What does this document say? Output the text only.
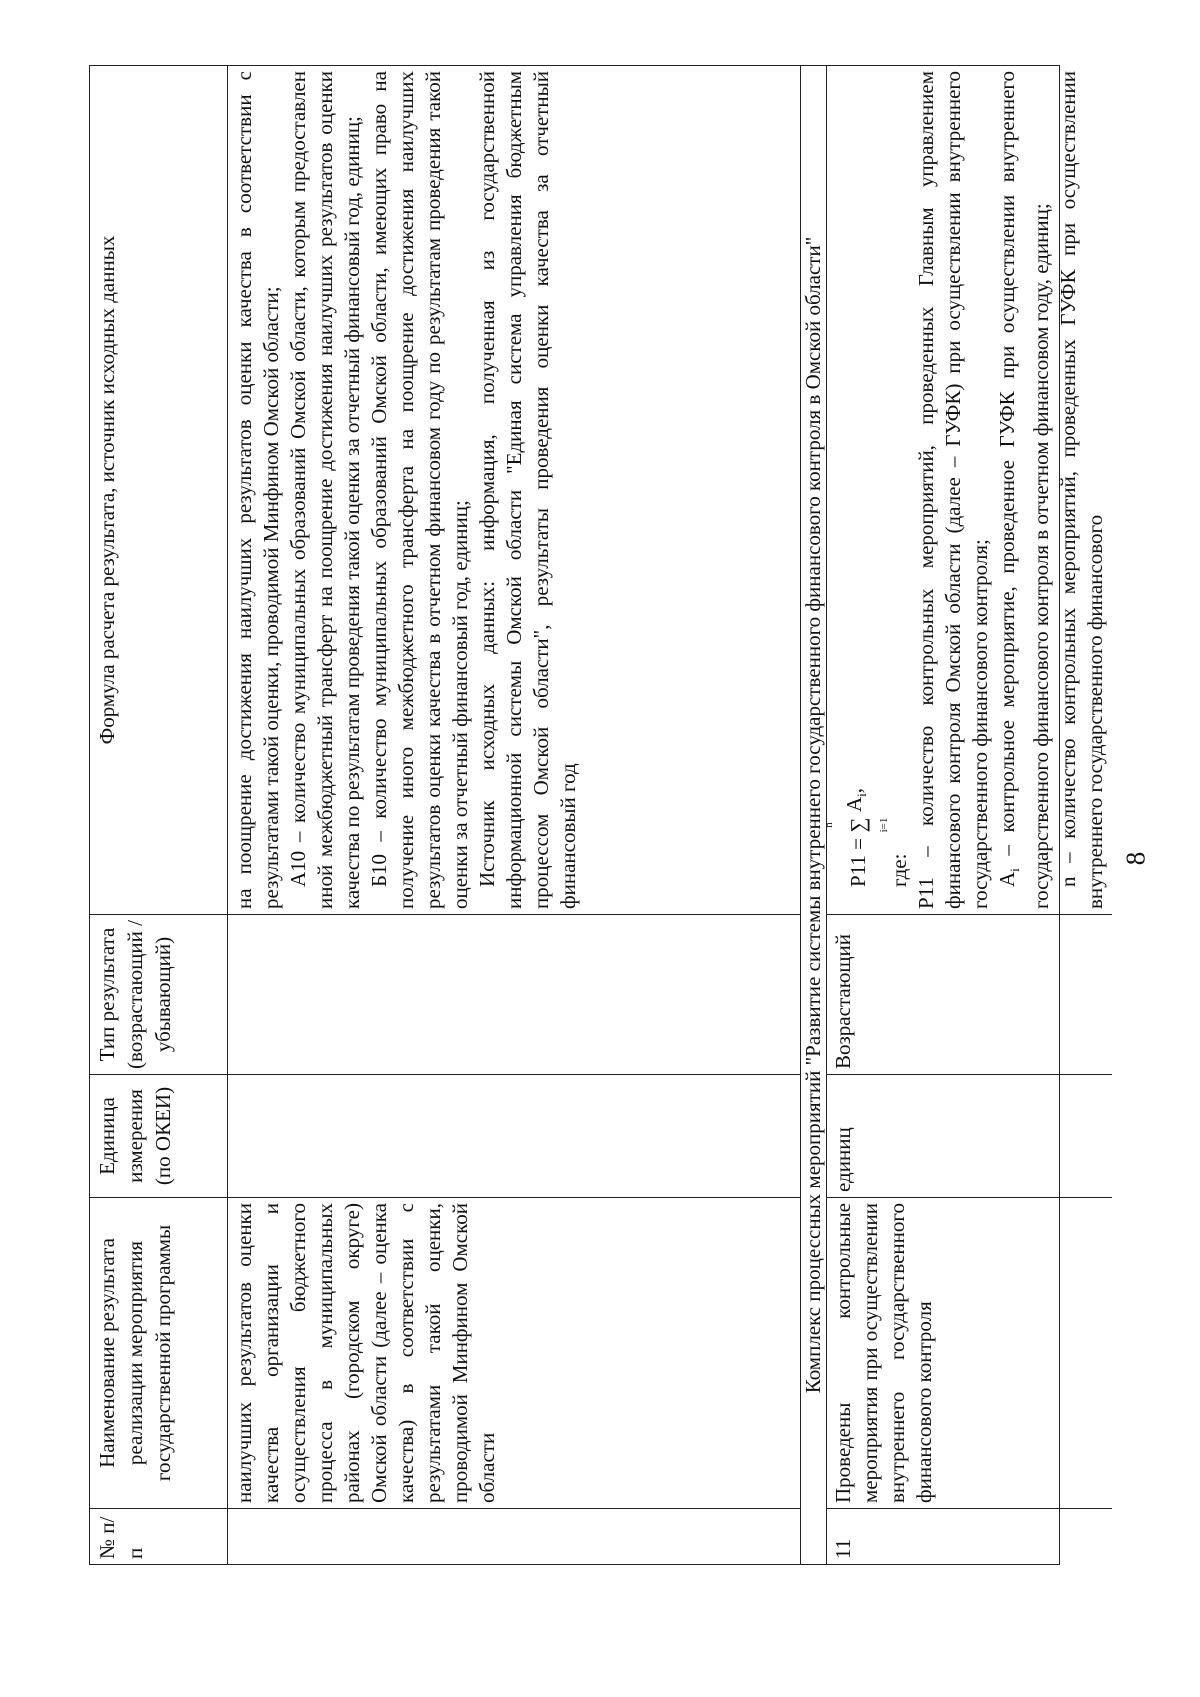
8
№ п/п
Наименование результата реализации мероприятия государственной программы
Единица измерения (по ОКЕИ)
Тип результата (возрастающий / убывающий)
Формула расчета результата, источник исходных данных
наилучших результатов оценки качества организации и осуществления бюджетного процесса в муниципальных районах (городском округе) Омской области (далее – оценка качества) в соответствии с результатами такой оценки, проводимой Минфином Омской области

на поощрение достижения наилучших результатов оценки качества в соответствии с результатами такой оценки, проводимой Минфином Омской области; А10 – количество муниципальных образований Омской области, которым предоставлен иной межбюджетный трансферт на поощрение достижения наилучших результатов оценки качества по результатам проведения такой оценки за отчетный финансовый год, единиц; Б10 – количество муниципальных образований Омской области, имеющих право на получение иного межбюджетного трансферта на поощрение достижения наилучших результатов оценки качества в отчетном финансовом году по результатам проведения такой оценки за отчетный финансовый год, единиц; Источник исходных данных: информация, полученная из государственной информационной системы Омской области "Единая система управления бюджетным процессом Омской области", результаты проведения оценки качества за отчетный финансовый год	Комплекс процессных мероприятий "Развитие системы внутреннего государственного финансового контроля в Омской области"
11
Проведены контрольные мероприятия при осуществлении внутреннего государственного финансового контроля
единиц
Возрастающий
Р11 =
n ∑ i=1
$А_i$,

где: Р11 – количество контрольных мероприятий, проведенных Главным управлением финансового контроля Омской области (далее – ГУФК) при осуществлении внутреннего государственного финансового контроля; $А_i$ – контрольное мероприятие, проведенное ГУФК при осуществлении внутреннего государственного финансового контроля в отчетном финансовом году, единиц; n – количество контрольных мероприятий, проведенных ГУФК при осуществлении внутреннего государственного финансового
